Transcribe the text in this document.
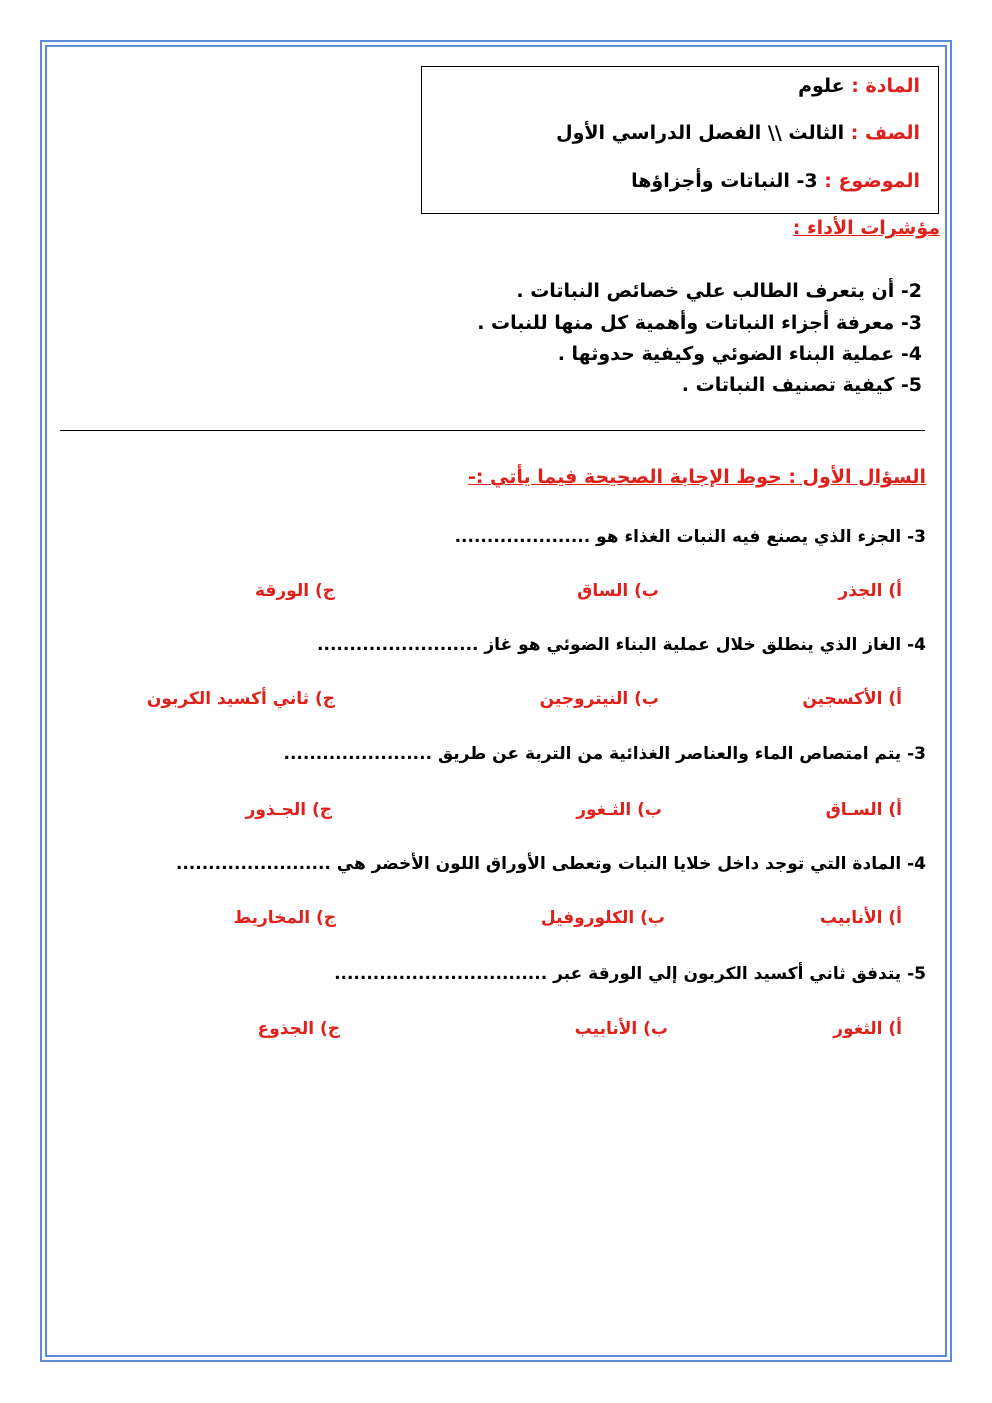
المادة : علوم
الصف : الثالث \\ الفصل الدراسي الأول
الموضوع : 3- النباتات وأجزاؤها
مؤشرات الأداء :
2- أن يتعرف الطالب علي خصائص النباتات .
3- معرفة أجزاء النباتات وأهمية كل منها للنبات .
4- عملية البناء الضوئي وكيفية حدوثها .
5- كيفية تصنيف النباتات .
السؤال الأول : حوط الإجابة الصحيحة فيما يأتي :-
3- الجزء الذي يصنع فيه النبات الغذاء هو .....................
أ) الجذر
ب) الساق
ج) الورقة
4- الغاز الذي ينطلق خلال عملية البناء الضوئي هو غاز .........................
أ) الأكسجين
ب) النيتروجين
ج) ثاني أكسيد الكربون
3- يتم امتصاص الماء والعناصر الغذائية من التربة عن طريق .......................
أ) السـاق
ب) الثـغور
ج) الجـذور
4- المادة التي توجد داخل خلايا النبات وتعطى الأوراق اللون الأخضر هي ........................
أ) الأنابيب
ب) الكلوروفيل
ج) المخاريط
5- يتدفق ثاني أكسيد الكربون إلي الورقة عبر .................................
أ) الثغور
ب) الأنابيب
ج) الجذوع
